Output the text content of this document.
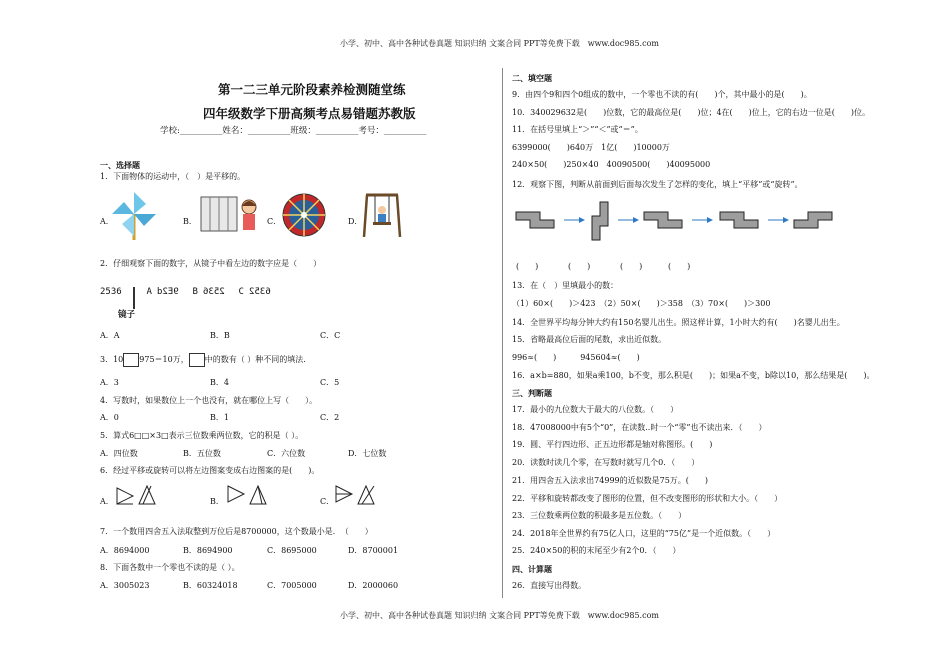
小学、初中、高中各种试卷真题 知识归纳 文案合同 PPT等免费下载　www.doc985.com
小学、初中、高中各种试卷真题 知识归纳 文案合同 PPT等免费下载　www.doc985.com
第一二三单元阶段素养检测随堂练
四年级数学下册高频考点易错题苏教版
学校:__________姓名：__________班级：__________考号：__________
一、选择题
1．下面物体的运动中，（　）是平移的。
A．	B．	C．	D．
2．仔细观察下面的数字，从镜子中看左边的数字应是（　　）
2536	A 9E2d B 2536 C 6352
镜子
A．A	B．B	C．C
3．10 975＝10万， 中的数有（ ）种不同的填法.
A．3	B．4	C．5
4．写数时，如果数位上一个也没有，就在哪位上写（　　）。
A．0	B．1	C．2
5．算式6□□×3□表示三位数乘两位数，它的积是（ ）。
A．四位数	B．五位数	C．六位数	D．七位数
6．经过平移或旋转可以将左边图案变成右边图案的是(　　)。
A．	B．	C．
7．一个数用四舍五入法取整到万位后是8700000，这个数最小是．　（　　）
A．8694000	B．8694900	C．8695000	D．8700001
8．下面各数中一个零也不读的是（ ）。
A．3005023	B．60324018	C．7005000	D．2000060
二、填空题
9．由四个9和四个0组成的数中，一个零也不读的有(　　)个，其中最小的是(　　)。
10．340029632是(　　)位数，它的最高位是(　　)位；4在(　　)位上，它的右边一位是(　　)位。
11．在括号里填上“＞”“＜”或“＝”。
6399000(　　)640万　1亿(　　)10000万
240×50(　　)250×40　40090500(　　)40095000
12．观察下图，判断从前面到后面每次发生了怎样的变化，填上“平移”或“旋转”。
(　　)	(　　)	(　　)	(　　)
13．在（　）里填最小的数：
（1）60×(　　)＞423　（2）50×(　　)＞358　（3）70×(　　)＞300
14．全世界平均每分钟大约有150名婴儿出生。照这样计算，1小时大约有(　　)名婴儿出生。
15．省略最高位后面的尾数，求出近似数。
996≈(　　)　　　945604≈(　　)
16．a×b=880，如果a乘100，b不变，那么积是(　　)；如果a不变，b除以10，那么结果是(　　)。
三、判断题
17．最小的九位数大于最大的八位数。（　　）
18．47008000中有5个“0”，在读数..时一个“零”也不读出来．（　　）
19．圆、平行四边形、正五边形都是轴对称图形。(　　)
20．读数时读几个零，在写数时就写几个0．（　　）
21．用四舍五入法求出74999的近似数是75万。(　　)
22．平移和旋转都改变了图形的位置，但不改变图形的形状和大小。（　　）
23．三位数乘两位数的积最多是五位数。（　　）
24．2018年全世界约有75亿人口，这里的“75亿”是一个近似数。（　　）
25．240×50的积的末尾至少有2个0．（　　）
四、计算题
26．直接写出得数。
